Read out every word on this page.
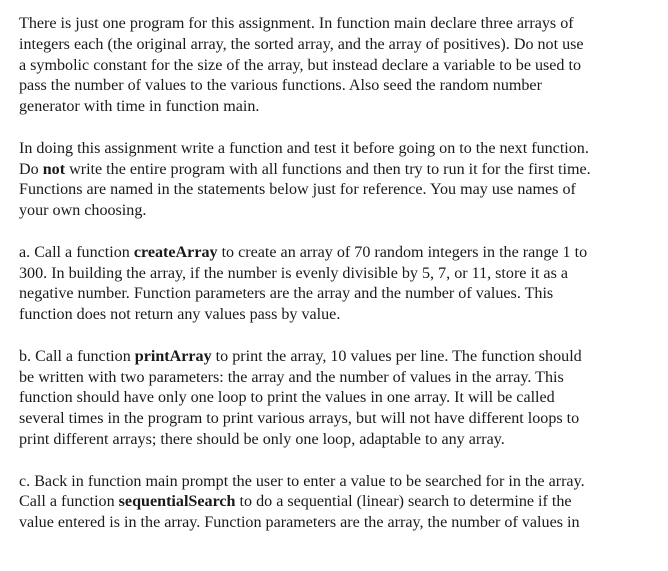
There is just one program for this assignment. In function main declare three arrays of
integers each (the original array, the sorted array, and the array of positives). Do not use
a symbolic constant for the size of the array, but instead declare a variable to be used to
pass the number of values to the various functions. Also seed the random number
generator with time in function main.

In doing this assignment write a function and test it before going on to the next function.
Do not write the entire program with all functions and then try to run it for the first time.
Functions are named in the statements below just for reference. You may use names of
your own choosing.

a. Call a function createArray to create an array of 70 random integers in the range 1 to
300. In building the array, if the number is evenly divisible by 5, 7, or 11, store it as a
negative number. Function parameters are the array and the number of values. This
function does not return any values pass by value.

b. Call a function printArray to print the array, 10 values per line. The function should
be written with two parameters: the array and the number of values in the array. This
function should have only one loop to print the values in one array. It will be called
several times in the program to print various arrays, but will not have different loops to
print different arrays; there should be only one loop, adaptable to any array.

c. Back in function main prompt the user to enter a value to be searched for in the array.
Call a function sequentialSearch to do a sequential (linear) search to determine if the
value entered is in the array. Function parameters are the array, the number of values in
